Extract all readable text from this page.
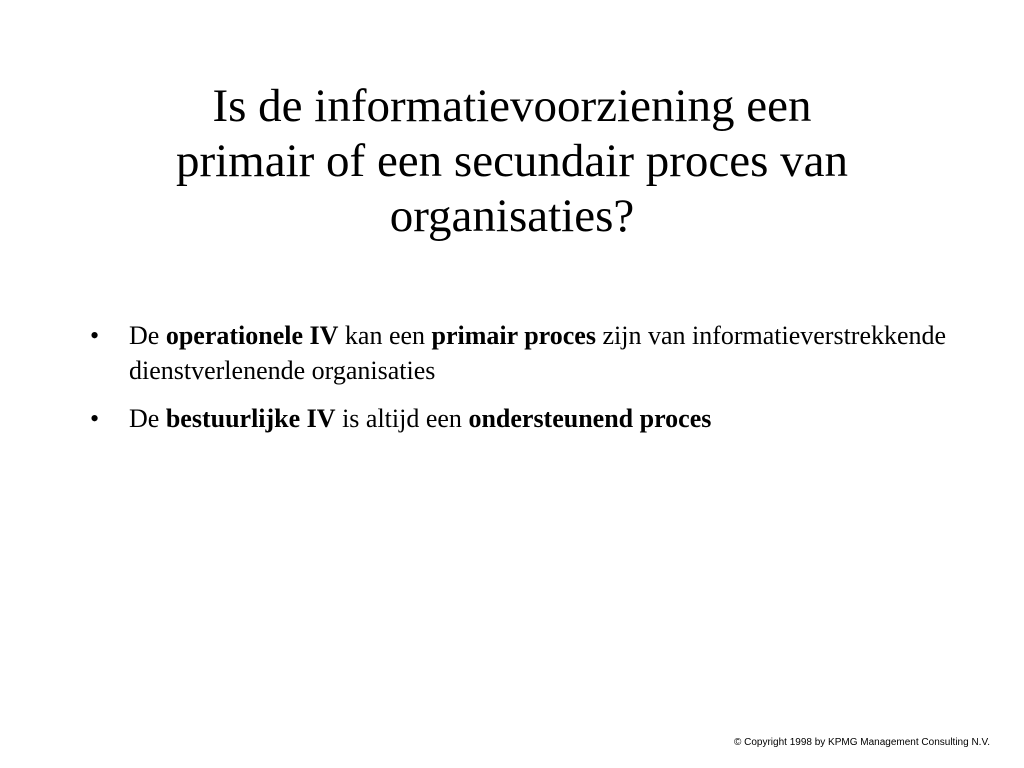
Is de informatievoorziening een
primair of een secundair proces van
organisaties?
•	De operationele IV kan een primair proces zijn van informatieverstrekkende dienstverlenende organisaties
•	De bestuurlijke IV is altijd een ondersteunend proces
© Copyright 1998 by KPMG Management Consulting N.V.
